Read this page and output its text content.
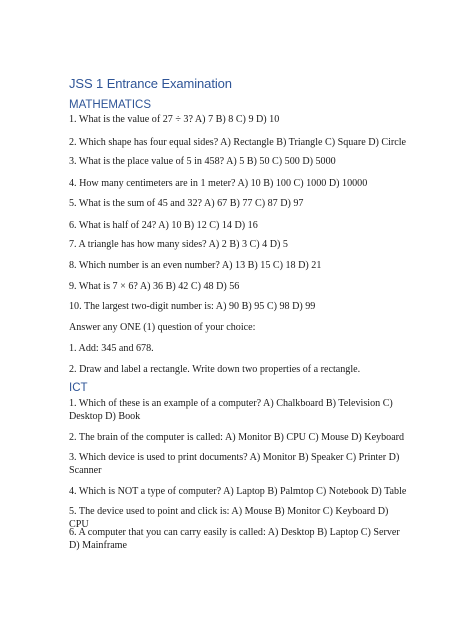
JSS 1 Entrance Examination
MATHEMATICS

1. What is the value of 27 ÷ 3? A) 7 B) 8 C) 9 D) 10

2. Which shape has four equal sides? A) Rectangle B) Triangle C) Square D) Circle

3. What is the place value of 5 in 458? A) 5 B) 50 C) 500 D) 5000

4. How many centimeters are in 1 meter? A) 10 B) 100 C) 1000 D) 10000

5. What is the sum of 45 and 32? A) 67 B) 77 C) 87 D) 97

6. What is half of 24? A) 10 B) 12 C) 14 D) 16

7. A triangle has how many sides? A) 2 B) 3 C) 4 D) 5

8. Which number is an even number? A) 13 B) 15 C) 18 D) 21

9. What is 7 × 6? A) 36 B) 42 C) 48 D) 56

10. The largest two-digit number is: A) 90 B) 95 C) 98 D) 99

Answer any ONE (1) question of your choice:

1. Add: 345 and 678.

2. Draw and label a rectangle. Write down two properties of a rectangle.

ICT

1. Which of these is an example of a computer? A) Chalkboard B) Television C) Desktop D) Book

2. The brain of the computer is called: A) Monitor B) CPU C) Mouse D) Keyboard

3. Which device is used to print documents? A) Monitor B) Speaker C) Printer D) Scanner

4. Which is NOT a type of computer? A) Laptop B) Palmtop C) Notebook D) Table

5. The device used to point and click is: A) Mouse B) Monitor C) Keyboard D) CPU

6. A computer that you can carry easily is called: A) Desktop B) Laptop C) Server D) Mainframe
